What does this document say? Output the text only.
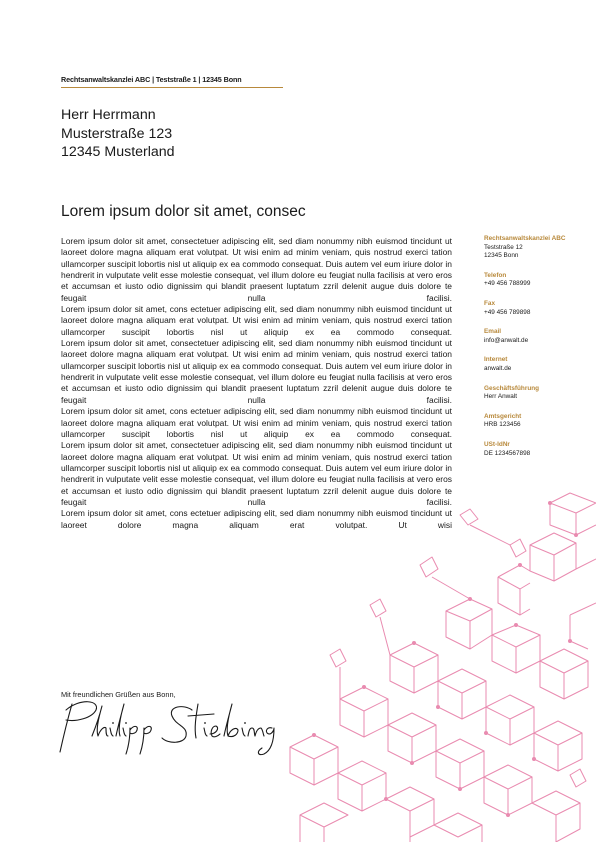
Rechtsanwaltskanzlei ABC | Teststraße 1 | 12345 Bonn
Herr Herrmann
Musterstraße 123
12345 Musterland
Lorem ipsum dolor sit amet, consec

Lorem ipsum dolor sit amet, consectetuer adipiscing elit, sed diam nonummy nibh euismod tincidunt ut laoreet dolore magna aliquam erat volutpat. Ut wisi enim ad minim veniam, quis nostrud exerci tation ullamcorper suscipit lobortis nisl ut aliquip ex ea commodo consequat. Duis autem vel eum iriure dolor in hendrerit in vulputate velit esse molestie consequat, vel illum dolore eu feugiat nulla facilisis at vero eros et accumsan et iusto odio dignissim qui blandit praesent luptatum zzril delenit augue duis dolore te feugait nulla facilisi.

Lorem ipsum dolor sit amet, cons ectetuer adipiscing elit, sed diam nonummy nibh euismod tincidunt ut laoreet dolore magna aliquam erat volutpat. Ut wisi enim ad minim veniam, quis nostrud exerci tation ullamcorper suscipit lobortis nisl ut aliquip ex ea commodo consequat.

Lorem ipsum dolor sit amet, consectetuer adipiscing elit, sed diam nonummy nibh euismod tincidunt ut laoreet dolore magna aliquam erat volutpat. Ut wisi enim ad minim veniam, quis nostrud exerci tation ullamcorper suscipit lobortis nisl ut aliquip ex ea commodo consequat. Duis autem vel eum iriure dolor in hendrerit in vulputate velit esse molestie consequat, vel illum dolore eu feugiat nulla facilisis at vero eros et accumsan et iusto odio dignissim qui blandit praesent luptatum zzril delenit augue duis dolore te feugait nulla facilisi.

Lorem ipsum dolor sit amet, cons ectetuer adipiscing elit, sed diam nonummy nibh euismod tincidunt ut laoreet dolore magna aliquam erat volutpat. Ut wisi enim ad minim veniam, quis nostrud exerci tation ullamcorper suscipit lobortis nisl ut aliquip ex ea commodo consequat.

Lorem ipsum dolor sit amet, consectetuer adipiscing elit, sed diam nonummy nibh euismod tincidunt ut laoreet dolore magna aliquam erat volutpat. Ut wisi enim ad minim veniam, quis nostrud exerci tation ullamcorper suscipit lobortis nisl ut aliquip ex ea commodo consequat. Duis autem vel eum iriure dolor in hendrerit in vulputate velit esse molestie consequat, vel illum dolore eu feugiat nulla facilisis at vero eros et accumsan et iusto odio dignissim qui blandit praesent luptatum zzril delenit augue duis dolore te feugait nulla facilisi.

Lorem ipsum dolor sit amet, cons ectetuer adipiscing elit, sed diam nonummy nibh euismod tincidunt ut laoreet dolore magna aliquam erat volutpat. Ut wisi

Rechtsanwaltskanzlei ABC
Teststraße 12
12345 Bonn
Telefon
+49 456 788999
Fax
+49 456 789898
Email
info@anwalt.de
Internet
anwalt.de
Geschäftsführung
Herr Anwalt
Amtsgericht
HRB 123456
USt-IdNr
DE 1234567898
Mit freundlichen Grüßen aus Bonn,
